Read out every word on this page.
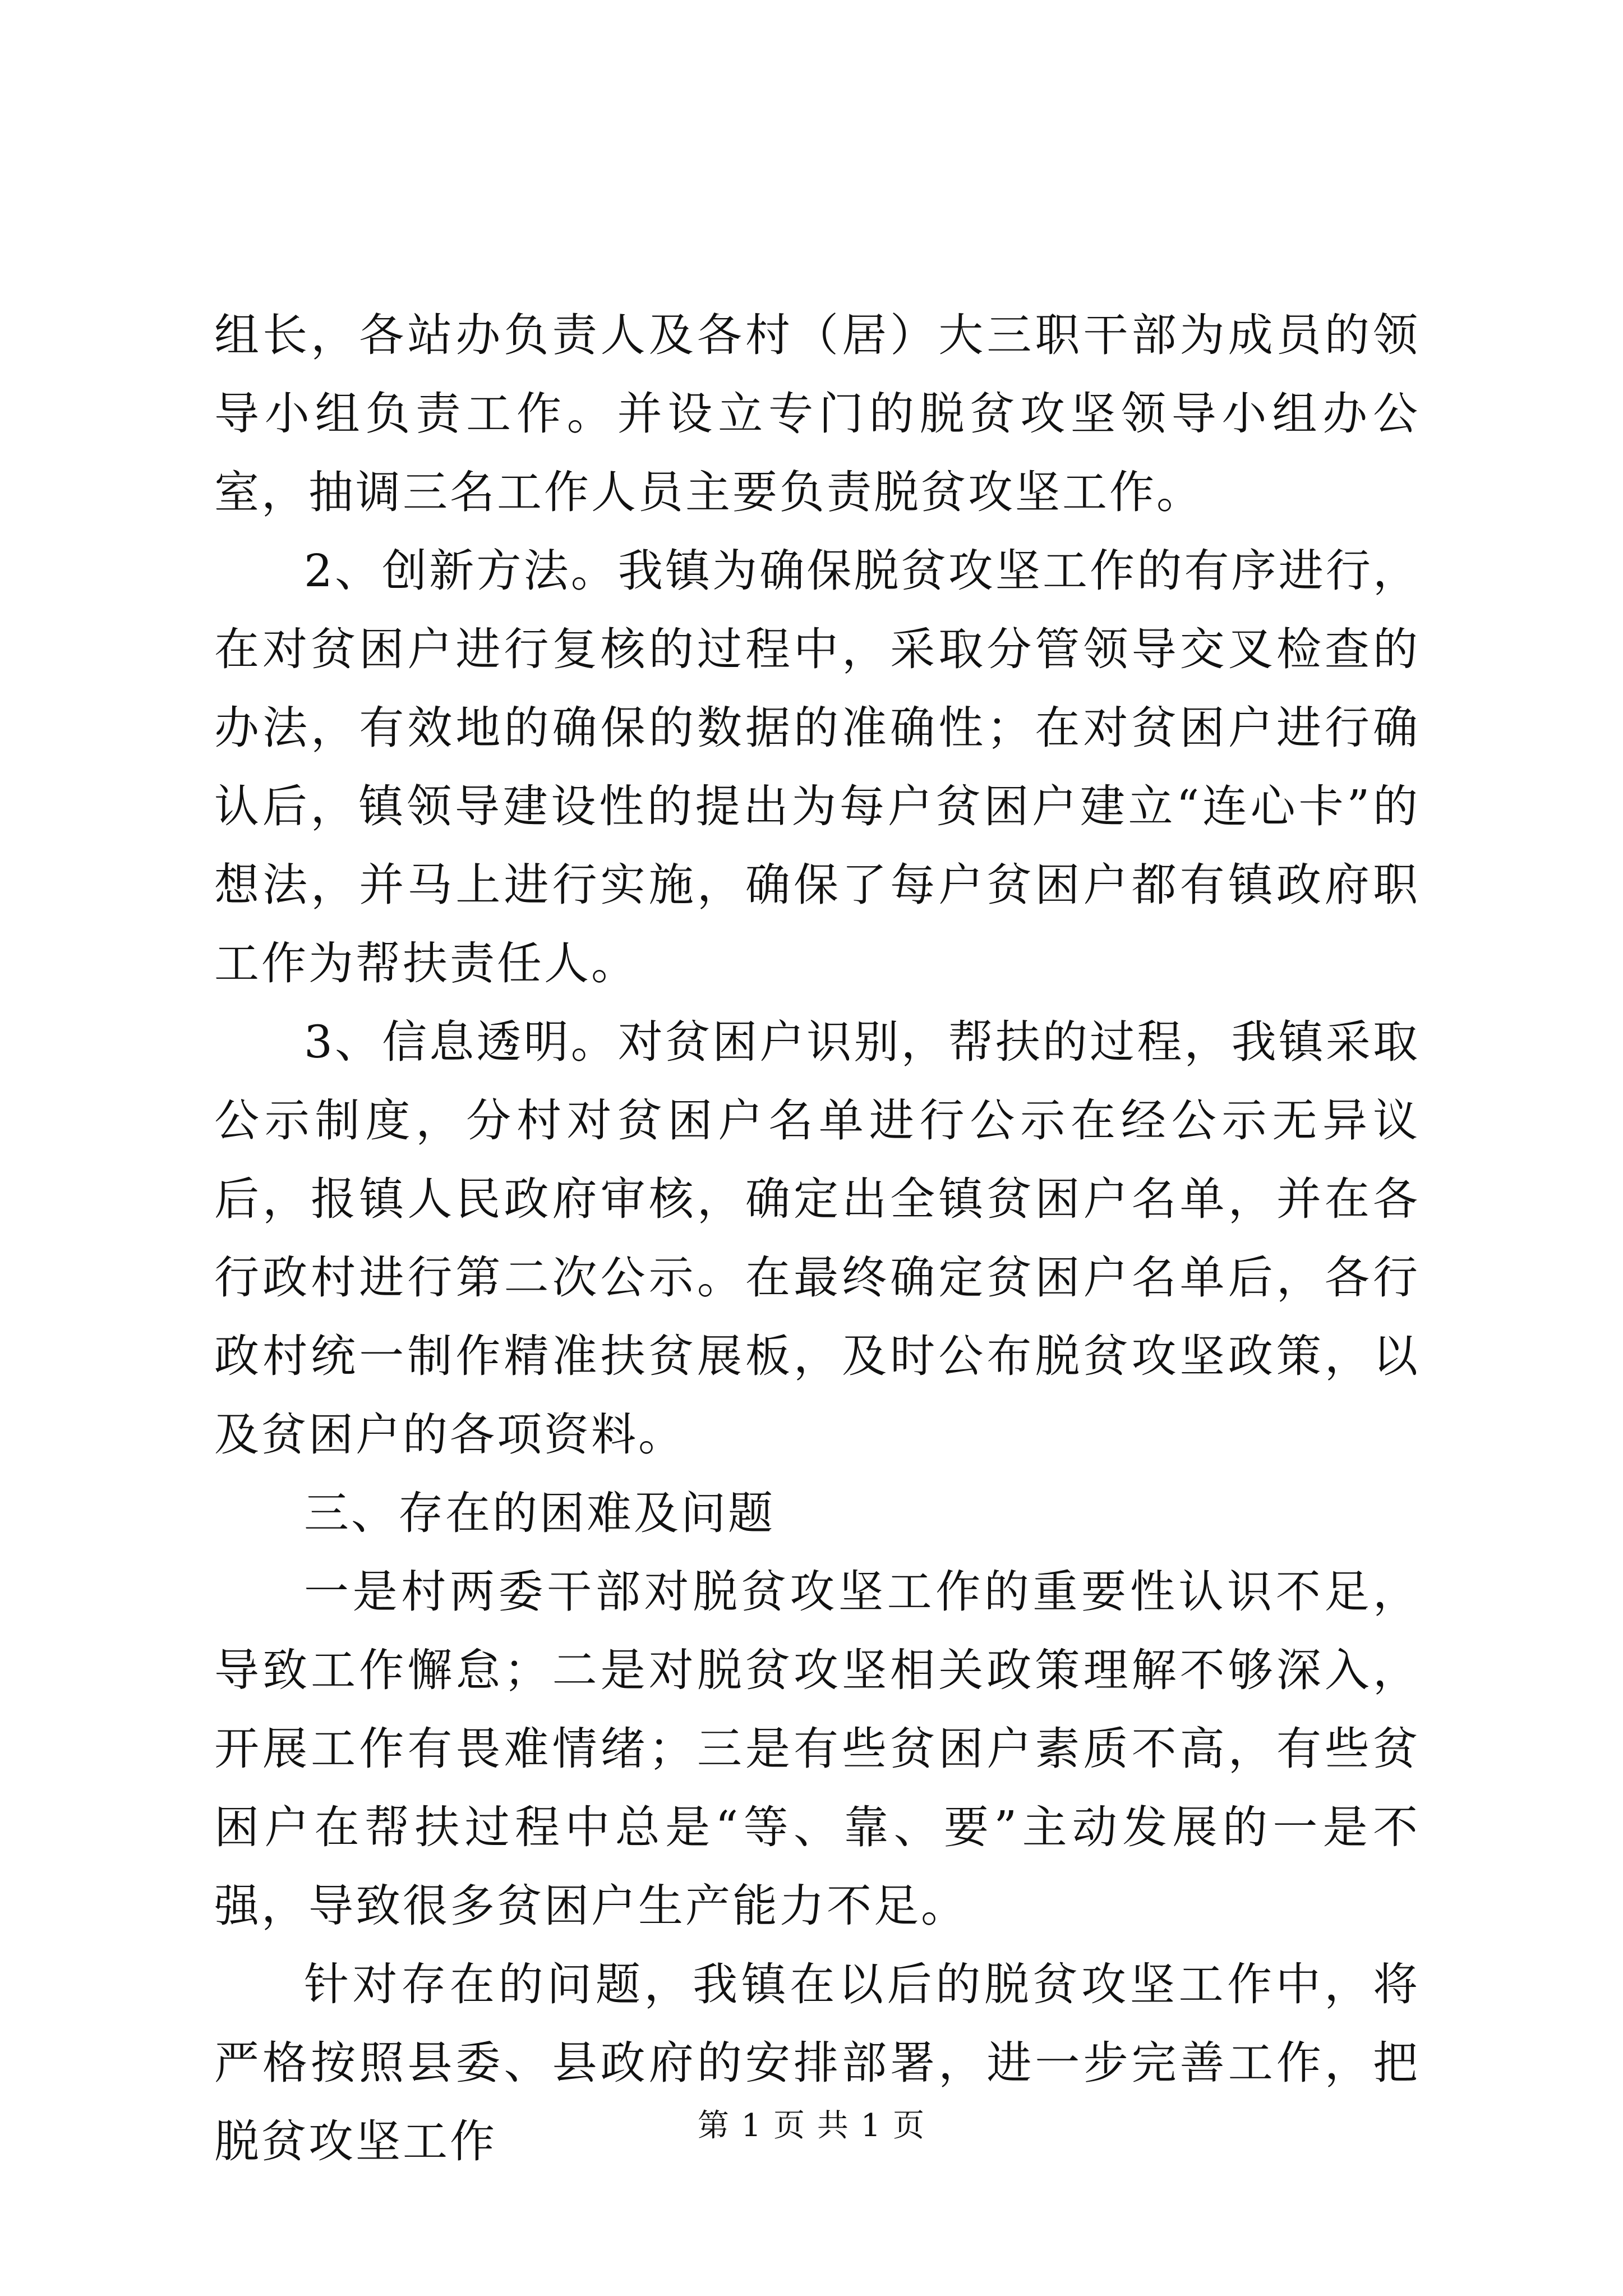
组长，各站办负责人及各村（居）大三职干部为成员的领导小组负责工作。并设立专门的脱贫攻坚领导小组办公室，抽调三名工作人员主要负责脱贫攻坚工作。

2、创新方法。我镇为确保脱贫攻坚工作的有序进行，在对贫困户进行复核的过程中，采取分管领导交叉检查的办法，有效地的确保的数据的准确性；在对贫困户进行确认后，镇领导建设性的提出为每户贫困户建立“连心卡”的想法，并马上进行实施，确保了每户贫困户都有镇政府职工作为帮扶责任人。

3、信息透明。对贫困户识别，帮扶的过程，我镇采取公示制度，分村对贫困户名单进行公示在经公示无异议后，报镇人民政府审核，确定出全镇贫困户名单，并在各行政村进行第二次公示。在最终确定贫困户名单后，各行政村统一制作精准扶贫展板，及时公布脱贫攻坚政策，以及贫困户的各项资料。

三、存在的困难及问题

一是村两委干部对脱贫攻坚工作的重要性认识不足，导致工作懈怠；二是对脱贫攻坚相关政策理解不够深入，开展工作有畏难情绪；三是有些贫困户素质不高，有些贫困户在帮扶过程中总是“等、靠、要”主动发展的一是不强，导致很多贫困户生产能力不足。

针对存在的问题，我镇在以后的脱贫攻坚工作中，将严格按照县委、县政府的安排部署，进一步完善工作，把脱贫攻坚工作	第 1 页 共 1 页
